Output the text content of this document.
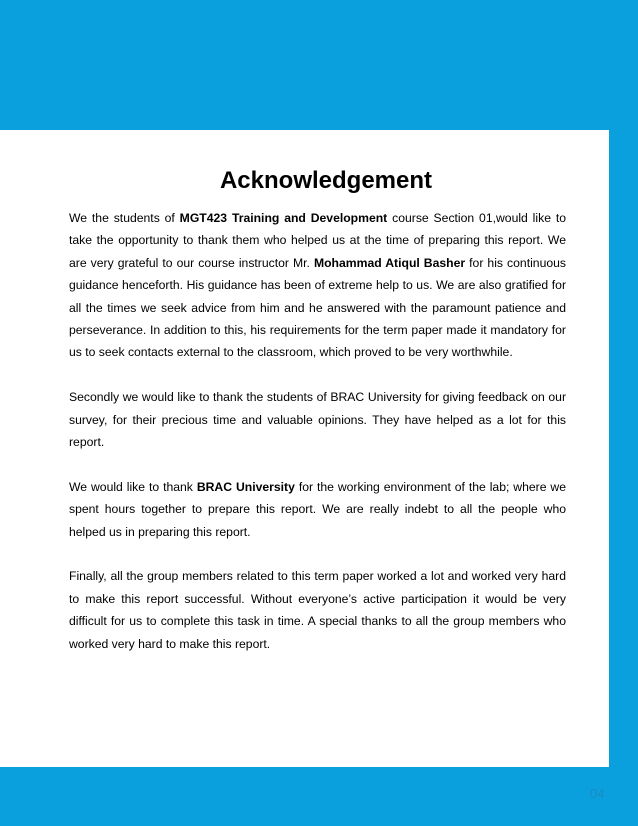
Acknowledgement

We the students of MGT423 Training and Development course Section 01,would like to take the opportunity to thank them who helped us at the time of preparing this report. We are very grateful to our course instructor Mr. Mohammad Atiqul Basher for his continuous guidance henceforth. His guidance has been of extreme help to us. We are also gratified for all the times we seek advice from him and he answered with the paramount patience and perseverance. In addition to this, his requirements for the term paper made it mandatory for us to seek contacts external to the classroom, which proved to be very worthwhile.

Secondly we would like to thank the students of BRAC University for giving feedback on our survey, for their precious time and valuable opinions. They have helped as a lot for this report.

We would like to thank BRAC University for the working environment of the lab; where we spent hours together to prepare this report. We are really indebt to all the people who helped us in preparing this report.

Finally, all the group members related to this term paper worked a lot and worked very hard to make this report successful. Without everyone’s active participation it would be very difficult for us to complete this task in time. A special thanks to all the group members who worked very hard to make this report.

04
